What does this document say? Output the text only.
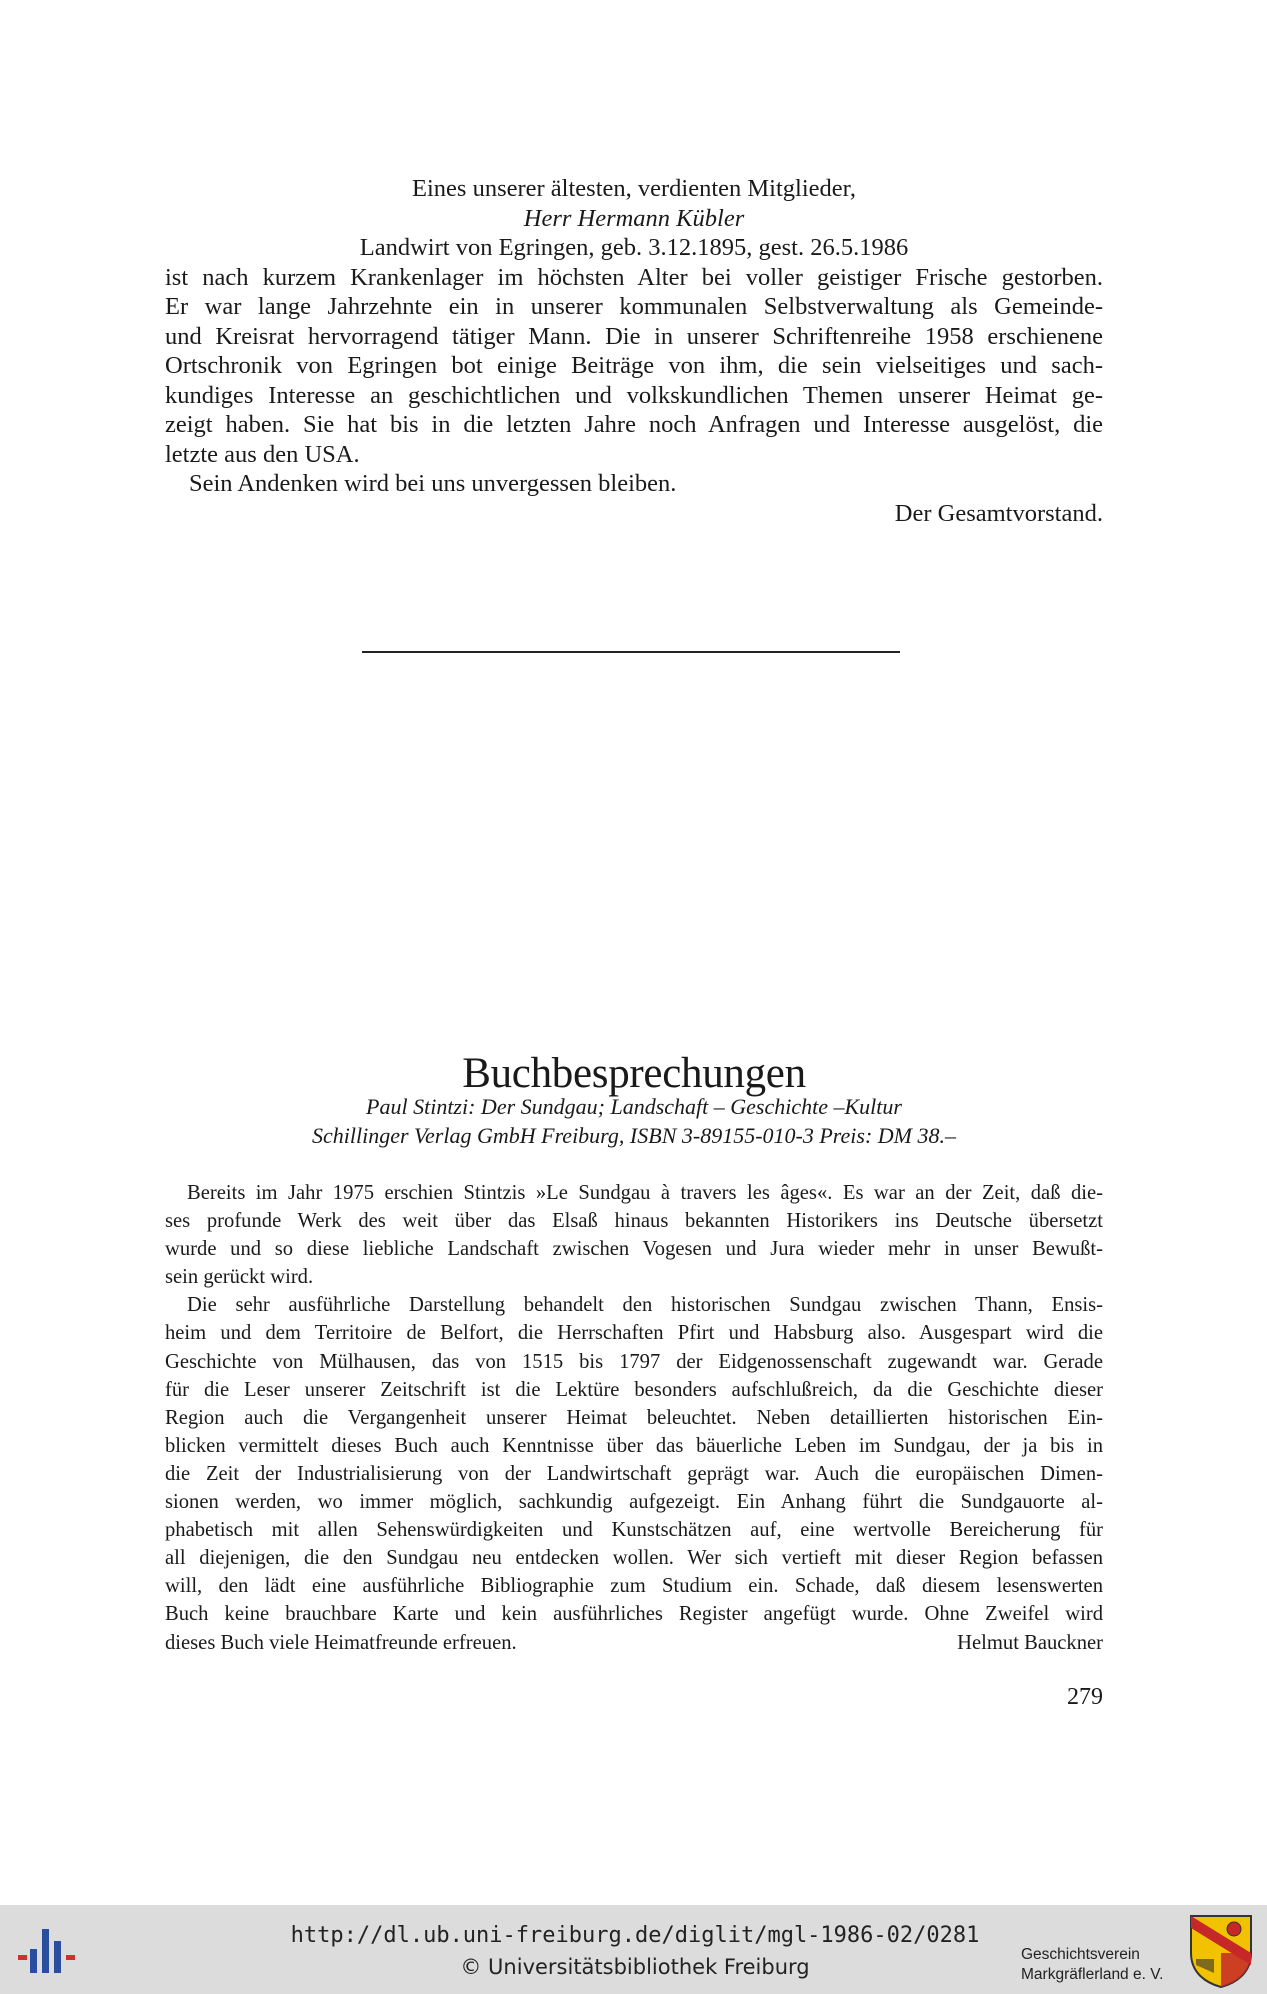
Eines unserer ältesten, verdienten Mitglieder,
Herr Hermann Kübler
Landwirt von Egringen, geb. 3.12.1895, gest. 26.5.1986
ist nach kurzem Krankenlager im höchsten Alter bei voller geistiger Frische gestorben.
Er war lange Jahrzehnte ein in unserer kommunalen Selbstverwaltung als Gemeinde-
und Kreisrat hervorragend tätiger Mann. Die in unserer Schriftenreihe 1958 erschienene
Ortschronik von Egringen bot einige Beiträge von ihm, die sein vielseitiges und sach-
kundiges Interesse an geschichtlichen und volkskundlichen Themen unserer Heimat ge-
zeigt haben. Sie hat bis in die letzten Jahre noch Anfragen und Interesse ausgelöst, die
letzte aus den USA.
Sein Andenken wird bei uns unvergessen bleiben.
Der Gesamtvorstand.
Buchbesprechungen
Paul Stintzi: Der Sundgau; Landschaft – Geschichte –Kultur
Schillinger Verlag GmbH Freiburg, ISBN 3-89155-010-3 Preis: DM 38.–
Bereits im Jahr 1975 erschien Stintzis »Le Sundgau à travers les âges«. Es war an der Zeit, daß die-
ses profunde Werk des weit über das Elsaß hinaus bekannten Historikers ins Deutsche übersetzt
wurde und so diese liebliche Landschaft zwischen Vogesen und Jura wieder mehr in unser Bewußt-
sein gerückt wird.
Die sehr ausführliche Darstellung behandelt den historischen Sundgau zwischen Thann, Ensis-
heim und dem Territoire de Belfort, die Herrschaften Pfirt und Habsburg also. Ausgespart wird die
Geschichte von Mülhausen, das von 1515 bis 1797 der Eidgenossenschaft zugewandt war. Gerade
für die Leser unserer Zeitschrift ist die Lektüre besonders aufschlußreich, da die Geschichte dieser
Region auch die Vergangenheit unserer Heimat beleuchtet. Neben detaillierten historischen Ein-
blicken vermittelt dieses Buch auch Kenntnisse über das bäuerliche Leben im Sundgau, der ja bis in
die Zeit der Industrialisierung von der Landwirtschaft geprägt war. Auch die europäischen Dimen-
sionen werden, wo immer möglich, sachkundig aufgezeigt. Ein Anhang führt die Sundgauorte al-
phabetisch mit allen Sehenswürdigkeiten und Kunstschätzen auf, eine wertvolle Bereicherung für
all diejenigen, die den Sundgau neu entdecken wollen. Wer sich vertieft mit dieser Region befassen
will, den lädt eine ausführliche Bibliographie zum Studium ein. Schade, daß diesem lesenswerten
Buch keine brauchbare Karte und kein ausführliches Register angefügt wurde. Ohne Zweifel wird
dieses Buch viele Heimatfreunde erfreuen.	Helmut Bauckner
279
http://dl.ub.uni-freiburg.de/diglit/mgl-1986-02/0281
© Universitätsbibliothek Freiburg
Geschichtsverein
Markgräflerland e. V.
